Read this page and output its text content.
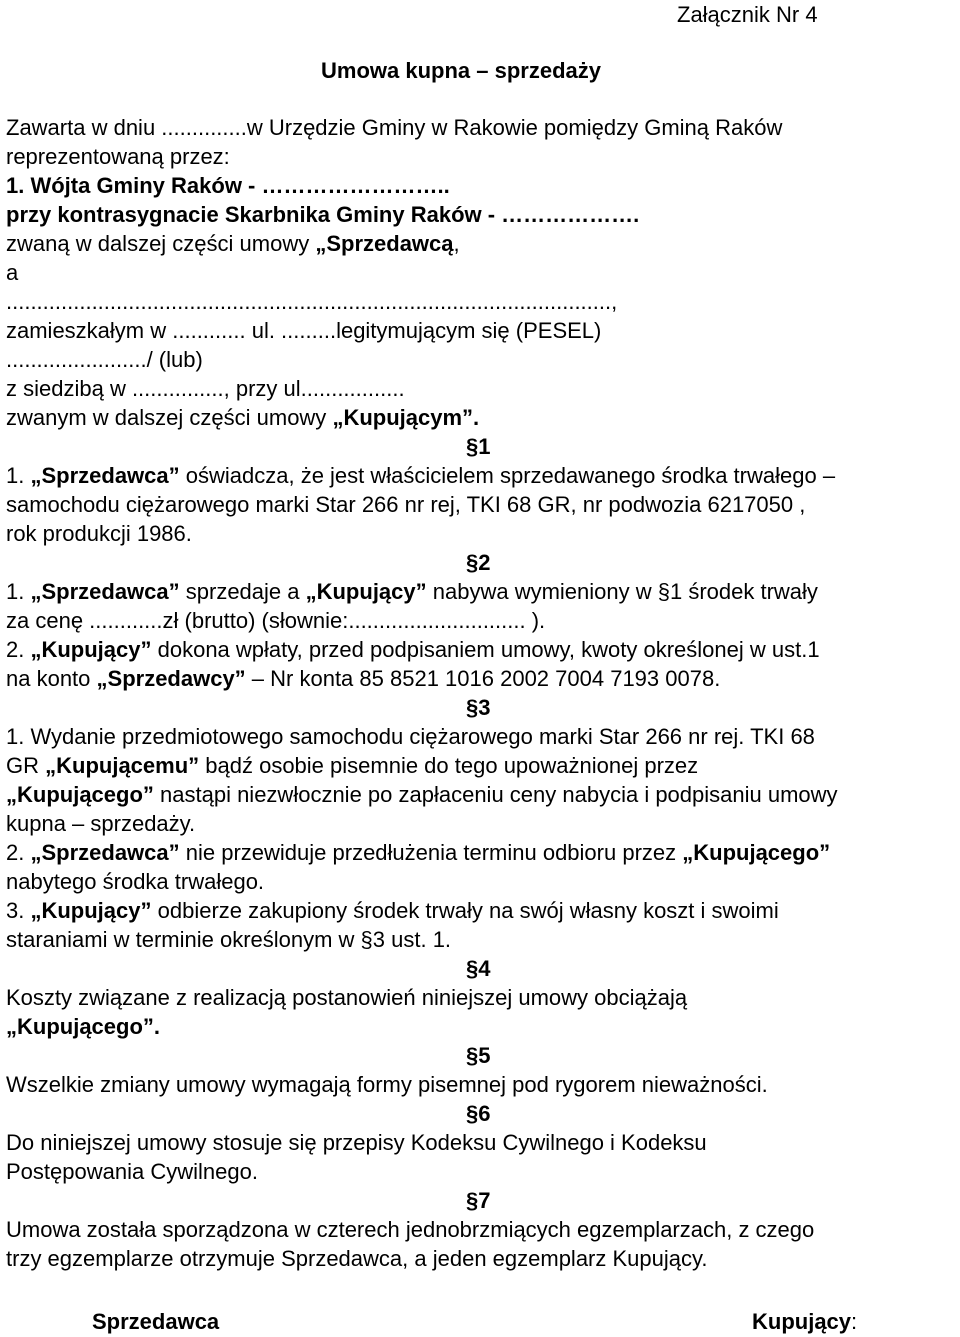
Załącznik Nr 4
Umowa kupna – sprzedaży
Zawarta w dniu ..............w Urzędzie Gminy w Rakowie pomiędzy Gminą Raków
reprezentowaną przez:
1. Wójta Gminy Raków - ……………………..
przy kontrasygnacie Skarbnika Gminy Raków - ……………….
zwaną w dalszej części umowy „Sprzedawcą,
a
...................................................................................................,
zamieszkałym w ............ ul. .........legitymującym się (PESEL)
......................./ (lub)
z siedzibą w ..............., przy ul.................
zwanym w dalszej części umowy „Kupującym”.
§1
1. „Sprzedawca” oświadcza, że jest właścicielem sprzedawanego środka trwałego –
samochodu ciężarowego marki Star 266 nr rej, TKI 68 GR, nr podwozia 6217050 ,
rok produkcji 1986.
§2
1. „Sprzedawca” sprzedaje a „Kupujący” nabywa wymieniony w §1 środek trwały
za cenę ............zł (brutto) (słownie:............................. ).
2. „Kupujący” dokona wpłaty, przed podpisaniem umowy, kwoty określonej w ust.1
na konto „Sprzedawcy” – Nr konta 85 8521 1016 2002 7004 7193 0078.
§3
1. Wydanie przedmiotowego samochodu ciężarowego marki Star 266 nr rej. TKI 68
GR „Kupującemu” bądź osobie pisemnie do tego upoważnionej przez
„Kupującego” nastąpi niezwłocznie po zapłaceniu ceny nabycia i podpisaniu umowy
kupna – sprzedaży.
2. „Sprzedawca” nie przewiduje przedłużenia terminu odbioru przez „Kupującego”
nabytego środka trwałego.
3. „Kupujący” odbierze zakupiony środek trwały na swój własny koszt i swoimi
staraniami w terminie określonym w §3 ust. 1.
§4
Koszty związane z realizacją postanowień niniejszej umowy obciążają
„Kupującego”.
§5
Wszelkie zmiany umowy wymagają formy pisemnej pod rygorem nieważności.
§6
Do niniejszej umowy stosuje się przepisy Kodeksu Cywilnego i Kodeksu
Postępowania Cywilnego.
§7
Umowa została sporządzona w czterech jednobrzmiących egzemplarzach, z czego
trzy egzemplarze otrzymuje Sprzedawca, a jeden egzemplarz Kupujący.
Sprzedawca	Kupujący:
